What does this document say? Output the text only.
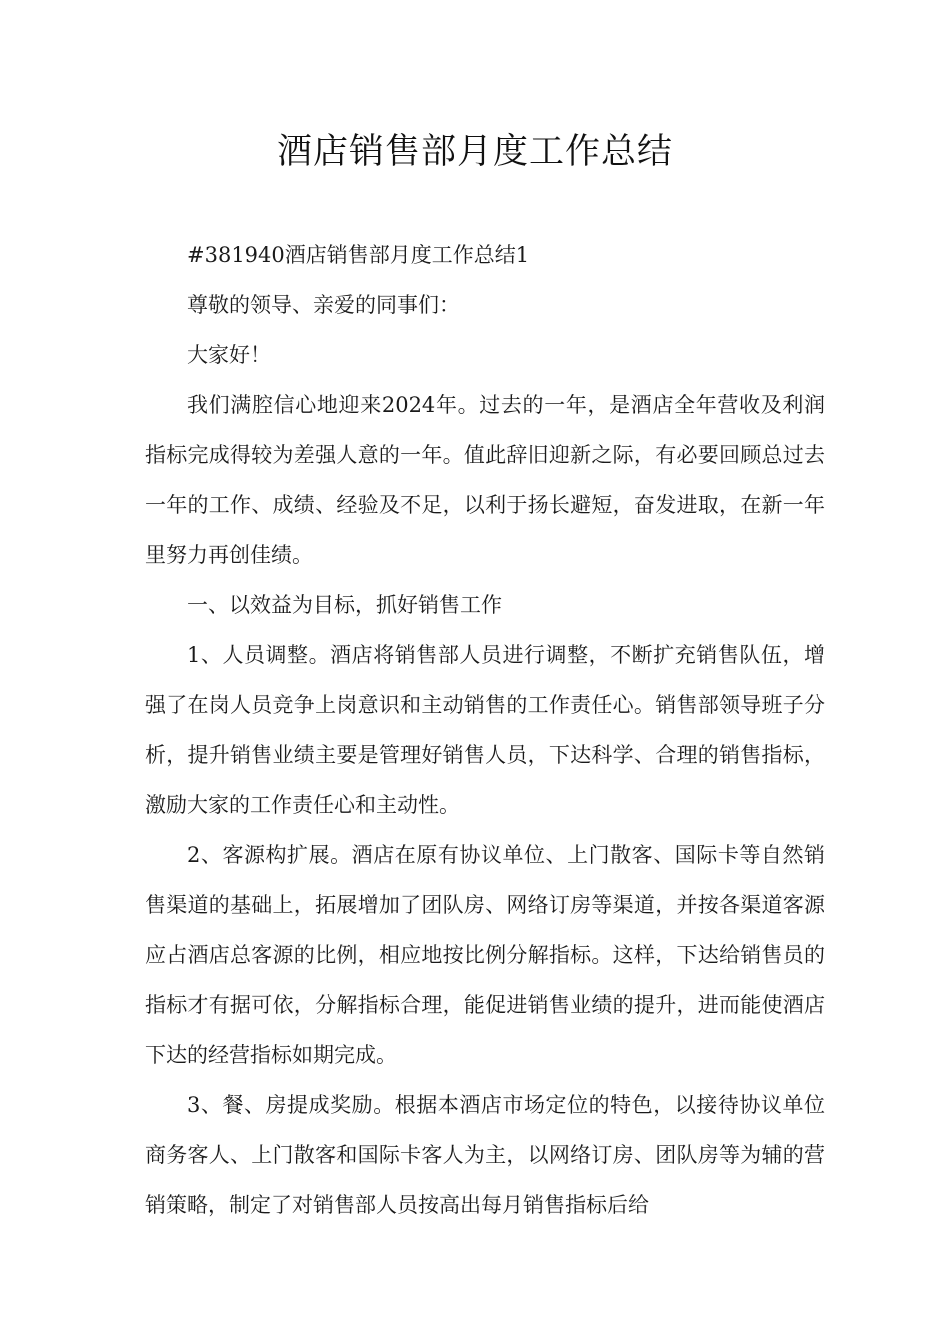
酒店销售部月度工作总结

#381940酒店销售部月度工作总结1

尊敬的领导、亲爱的同事们：

大家好！

我们满腔信心地迎来2024年。过去的一年，是酒店全年营收及利润指标完成得较为差强人意的一年。值此辞旧迎新之际，有必要回顾总过去一年的工作、成绩、经验及不足，以利于扬长避短，奋发进取，在新一年里努力再创佳绩。

一、以效益为目标，抓好销售工作

1、人员调整。酒店将销售部人员进行调整，不断扩充销售队伍，增强了在岗人员竞争上岗意识和主动销售的工作责任心。销售部领导班子分析，提升销售业绩主要是管理好销售人员，下达科学、合理的销售指标，激励大家的工作责任心和主动性。

2、客源构扩展。酒店在原有协议单位、上门散客、国际卡等自然销售渠道的基础上，拓展增加了团队房、网络订房等渠道，并按各渠道客源应占酒店总客源的比例，相应地按比例分解指标。这样，下达给销售员的指标才有据可依，分解指标合理，能促进销售业绩的提升，进而能使酒店下达的经营指标如期完成。

3、餐、房提成奖励。根据本酒店市场定位的特色，以接待协议单位商务客人、上门散客和国际卡客人为主，以网络订房、团队房等为辅的营销策略，制定了对销售部人员按高出每月销售指标后给
